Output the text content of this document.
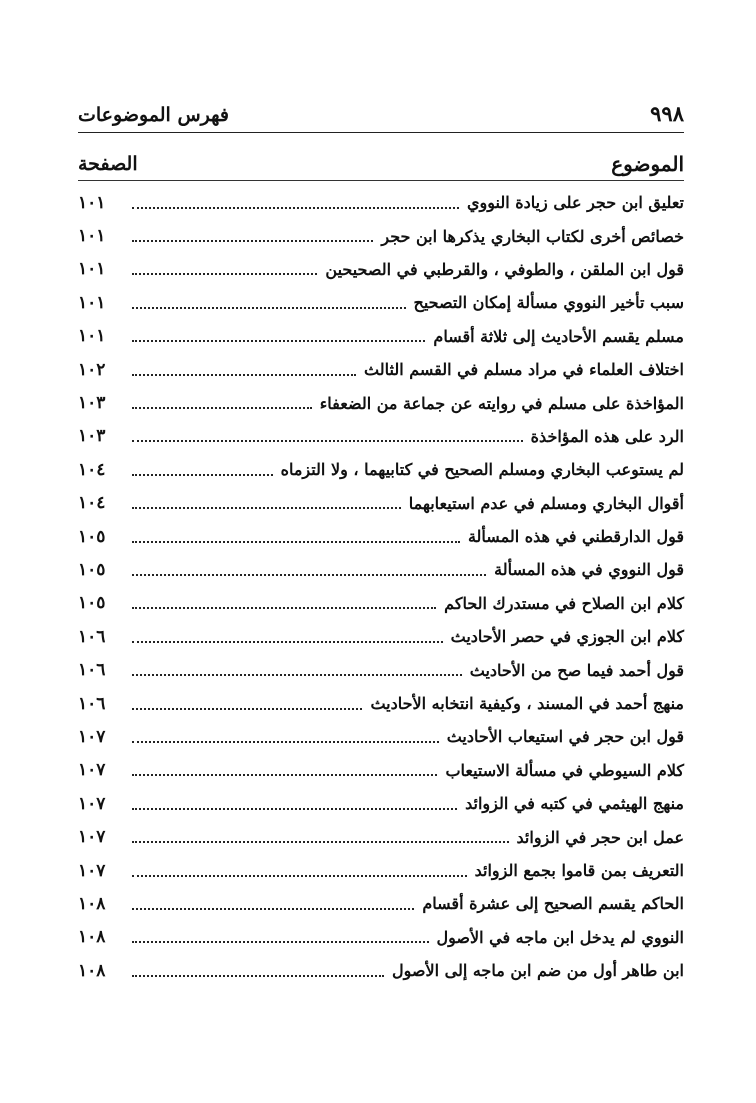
فهرس الموضوعات	٩٩٨
الصفحة	الموضوع
تعليق ابن حجر على زيادة النووي
١٠١
خصائص أخرى لكتاب البخاري يذكرها ابن حجر
١٠١
قول ابن الملقن ، والطوفي ، والقرطبي في الصحيحين
١٠١
سبب تأخير النووي مسألة إمكان التصحيح
١٠١
مسلم يقسم الأحاديث إلى ثلاثة أقسام
١٠١
اختلاف العلماء في مراد مسلم في القسم الثالث
١٠٢
المؤاخذة على مسلم في روايته عن جماعة من الضعفاء
١٠٣
الرد على هذه المؤاخذة
١٠٣
لم يستوعب البخاري ومسلم الصحيح في كتابيهما ، ولا التزماه
١٠٤
أقوال البخاري ومسلم في عدم استيعابهما
١٠٤
قول الدارقطني في هذه المسألة
١٠٥
قول النووي في هذه المسألة
١٠٥
كلام ابن الصلاح في مستدرك الحاكم
١٠٥
كلام ابن الجوزي في حصر الأحاديث
١٠٦
قول أحمد فيما صح من الأحاديث
١٠٦
منهج أحمد في المسند ، وكيفية انتخابه الأحاديث
١٠٦
قول ابن حجر في استيعاب الأحاديث
١٠٧
كلام السيوطي في مسألة الاستيعاب
١٠٧
منهج الهيثمي في كتبه في الزوائد
١٠٧
عمل ابن حجر في الزوائد
١٠٧
التعريف بمن قاموا بجمع الزوائد
١٠٧
الحاكم يقسم الصحيح إلى عشرة أقسام
١٠٨
النووي لم يدخل ابن ماجه في الأصول
١٠٨
ابن طاهر أول من ضم ابن ماجه إلى الأصول
١٠٨
